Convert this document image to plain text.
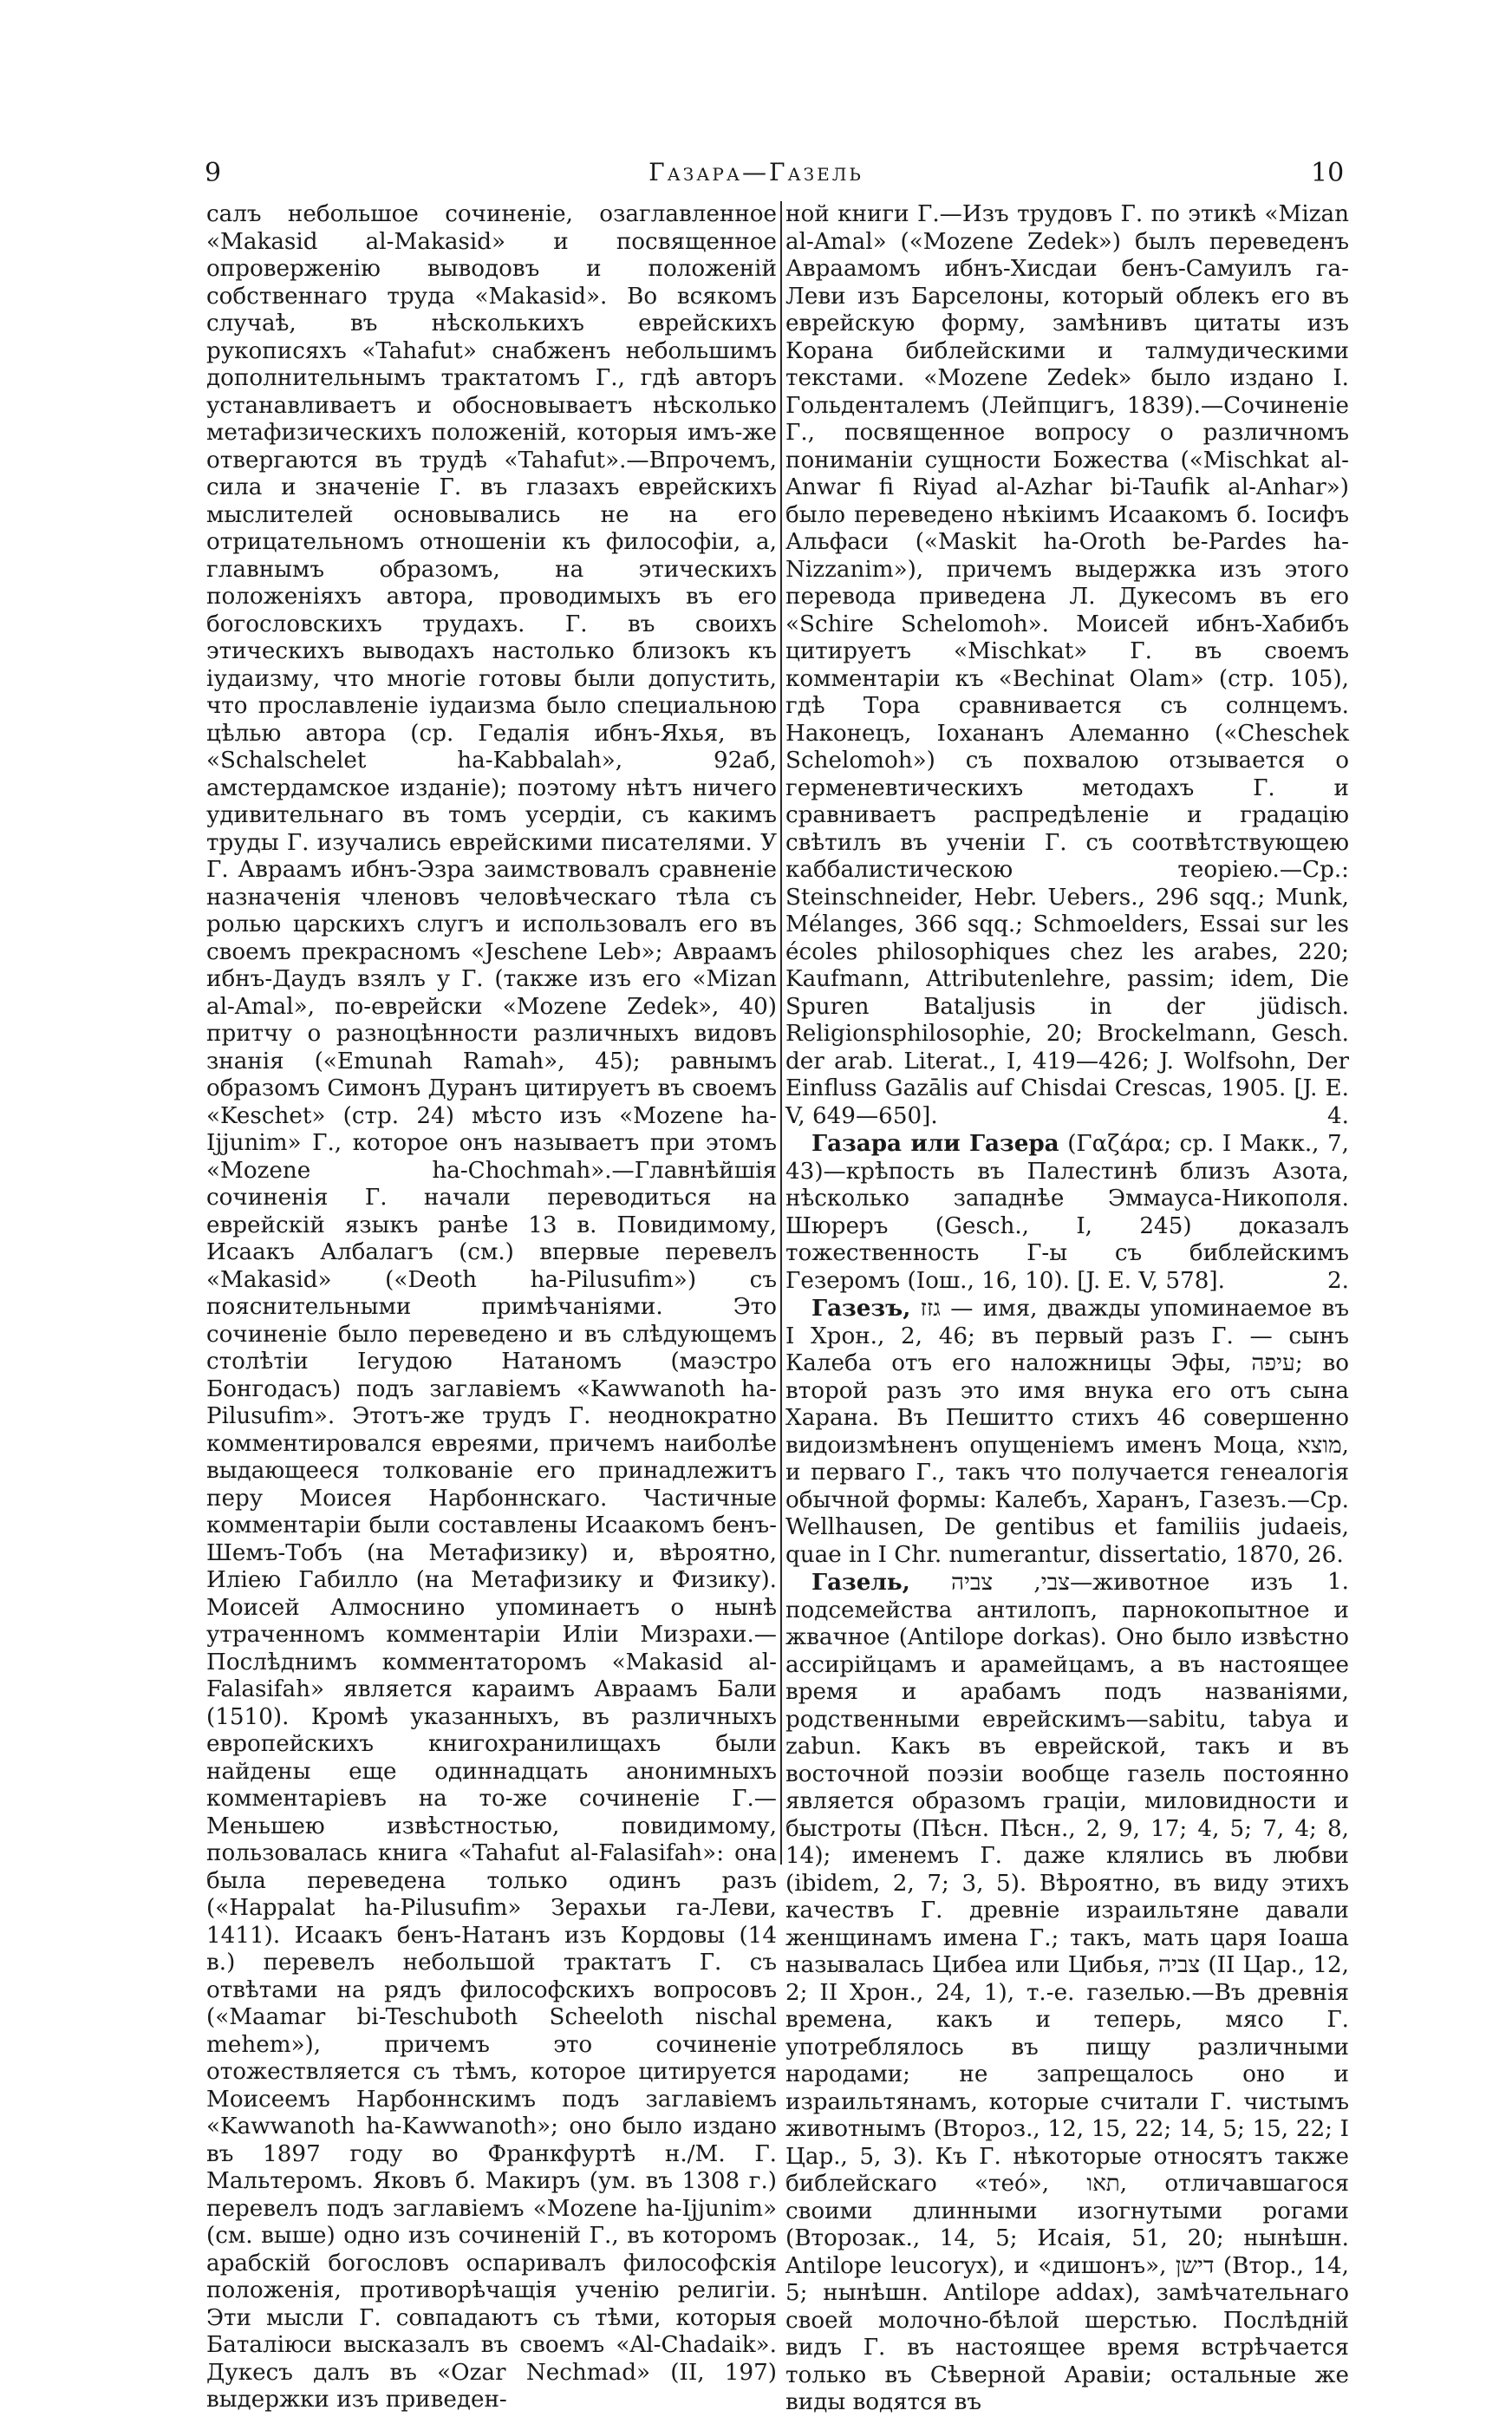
9	Газара—Газель	10

салъ небольшое сочиненіе, озаглавленное «Makasid al-Makasid» и посвященное опроверженію выводовъ и положеній собственнаго труда «Makasid». Во всякомъ случаѣ, въ нѣсколькихъ еврейскихъ рукописяхъ «Tahafut» снабженъ небольшимъ дополнительнымъ трактатомъ Г., гдѣ авторъ устанавливаетъ и обосновываетъ нѣсколько метафизическихъ положеній, которыя имъ-же отвергаются въ трудѣ «Tahafut».—Впрочемъ, сила и значеніе Г. въ глазахъ еврейскихъ мыслителей основывались не на его отрицательномъ отношеніи къ философіи, а, главнымъ образомъ, на этическихъ положеніяхъ автора, проводимыхъ въ его богословскихъ трудахъ. Г. въ своихъ этическихъ выводахъ настолько близокъ къ іудаизму, что многіе готовы были допустить, что прославленіе іудаизма было специальною цѣлью автора (ср. Гедалія ибнъ-Яхья, въ «Schalschelet ha-Kabbalah», 92аб, амстердамское изданіе); поэтому нѣтъ ничего удивительнаго въ томъ усердіи, съ какимъ труды Г. изучались еврейскими писателями. У Г. Авраамъ ибнъ-Эзра заимствовалъ сравненіе назначенія членовъ человѣческаго тѣла съ ролью царскихъ слугъ и использовалъ его въ своемъ прекрасномъ «Jeschene Leb»; Авраамъ ибнъ-Даудъ взялъ у Г. (также изъ его «Mizan al-Amal», по-еврейски «Mozene Zedek», 40) притчу о разноцѣнности различныхъ видовъ знанія («Emunah Ramah», 45); равнымъ образомъ Симонъ Дуранъ цитируетъ въ своемъ «Keschet» (стр. 24) мѣсто изъ «Mozene ha-Ijjunim» Г., которое онъ называетъ при этомъ «Mozene ha-Chochmah».—Главнѣйшія сочиненія Г. начали переводиться на еврейскій языкъ ранѣе 13 в. Повидимому, Исаакъ Албалагъ (см.) впервые перевелъ «Makasid» («Deoth ha-Pilusufim») съ пояснительными примѣчаніями. Это сочиненіе было переведено и въ слѣдующемъ столѣтіи Іегудою Натаномъ (маэстро Бонгодасъ) подъ заглавіемъ «Kawwanoth ha-Pilusufim». Этотъ-же трудъ Г. неоднократно комментировался евреями, причемъ наиболѣе выдающееся толкованіе его принадлежитъ перу Моисея Нарбоннскаго. Частичные комментаріи были составлены Исаакомъ бенъ-Шемъ-Тобъ (на Метафизику) и, вѣроятно, Иліею Габилло (на Метафизику и Физику). Моисей Алмоснино упоминаетъ о нынѣ утраченномъ комментаріи Иліи Мизрахи.—Послѣднимъ комментаторомъ «Makasid al-Falasifah» является караимъ Авраамъ Бали (1510). Кромѣ указанныхъ, въ различныхъ европейскихъ книгохранилищахъ были найдены еще одиннадцать анонимныхъ комментаріевъ на то-же сочиненіе Г.—Меньшею извѣстностью, повидимому, пользовалась книга «Tahafut al-Falasifah»: она была переведена только одинъ разъ («Happalat ha-Pilusufim» Зерахьи га-Леви, 1411). Исаакъ бенъ-Натанъ изъ Кордовы (14 в.) перевелъ небольшой трактатъ Г. съ отвѣтами на рядъ философскихъ вопросовъ («Maamar bi-Teschuboth Scheeloth nischal mehem»), причемъ это сочиненіе отожествляется съ тѣмъ, которое цитируется Моисеемъ Нарбоннскимъ подъ заглавіемъ «Kawwanoth ha-Kawwanoth»; оно было издано въ 1897 году во Франкфуртѣ н./М. Г. Мальтеромъ. Яковъ б. Макиръ (ум. въ 1308 г.) перевелъ подъ заглавіемъ «Mozene ha-Ijjunim» (см. выше) одно изъ сочиненій Г., въ которомъ арабскій богословъ оспаривалъ философскія положенія, противорѣчащія ученію религіи. Эти мысли Г. совпадаютъ съ тѣми, которыя Баталіюси высказалъ въ своемъ «Al-Chadaik». Дукесъ далъ въ «Ozar Nechmad» (II, 197) выдержки изъ приведен-

ной книги Г.—Изъ трудовъ Г. по этикѣ «Mizan al-Amal» («Mozene Zedek») былъ переведенъ Авраамомъ ибнъ-Хисдаи бенъ-Самуилъ га-Леви изъ Барселоны, который облекъ его въ еврейскую форму, замѣнивъ цитаты изъ Корана библейскими и талмудическими текстами. «Mozene Zedek» было издано I. Гольденталемъ (Лейпцигъ, 1839).—Сочиненіе Г., посвященное вопросу о различномъ пониманіи сущности Божества («Mischkat al-Anwar fi Riyad al-Azhar bi-Taufik al-Anhar») было переведено нѣкіимъ Исаакомъ б. Іосифъ Альфаси («Maskit ha-Oroth be-Pardes ha-Nizzanim»), причемъ выдержка изъ этого перевода приведена Л. Дукесомъ въ его «Schire Schelomoh». Моисей ибнъ-Хабибъ цитируетъ «Mischkat» Г. въ своемъ комментаріи къ «Bechinat Olam» (стр. 105), гдѣ Тора сравнивается съ солнцемъ. Наконецъ, Іохананъ Алеманно («Cheschek Schelomoh») съ похвалою отзывается о герменевтическихъ методахъ Г. и сравниваетъ распредѣленіе и градацію свѣтилъ въ ученіи Г. съ соотвѣтствующею каббалистическою теоріею.—Ср.: Steinschneider, Hebr. Uebers., 296 sqq.; Munk, Mélanges, 366 sqq.; Schmoelders, Essai sur les écoles philosophiques chez les arabes, 220; Kaufmann, Attributenlehre, passim; idem, Die Spuren Bataljusis in der jüdisch. Religionsphilosophie, 20; Brockelmann, Gesch. der arab. Literat., I, 419—426; J. Wolfsohn, Der Einfluss Gazālis auf Chisdai Crescas, 1905. [J. E. V, 649—650].	4.

Газара или Газера (Γαζάρα; ср. I Макк., 7, 43)—крѣпость въ Палестинѣ близъ Азота, нѣсколько западнѣе Эммауса-Никополя. Шюреръ (Gesch., I, 245) доказалъ тожественность Г-ы съ библейскимъ Гезеромъ (Іош., 16, 10). [J. E. V, 578].	2.

Газезъ, גזז — имя, дважды упоминаемое въ I Хрон., 2, 46; въ первый разъ Г. — сынъ Калеба отъ его наложницы Эфы, עיפה; во второй разъ это имя внука его отъ сына Харана. Въ Пешитто стихъ 46 совершенно видоизмѣненъ опущеніемъ именъ Моца, מוצא, и перваго Г., такъ что получается генеалогія обычной формы: Калебъ, Харанъ, Газезъ.—Ср. Wellhausen, De gentibus et familiis judaeis, quae in I Chr. numerantur, dissertatio, 1870, 26.
1.

Газель, צבי, צביה—животное изъ подсемейства антилопъ, парнокопытное и жвачное (Antilope dorkas). Оно было извѣстно ассирійцамъ и арамейцамъ, а въ настоящее время и арабамъ подъ названіями, родственными еврейскимъ—sabitu, tabya и zabun. Какъ въ еврейской, такъ и въ восточной поэзіи вообще газель постоянно является образомъ граціи, миловидности и быстроты (Пѣсн. Пѣсн., 2, 9, 17; 4, 5; 7, 4; 8, 14); именемъ Г. даже клялись въ любви (ibidem, 2, 7; 3, 5). Вѣроятно, въ виду этихъ качествъ Г. древніе израильтяне давали женщинамъ имена Г.; такъ, мать царя Іоаша называлась Цибеа или Цибья, צביה (II Цар., 12, 2; II Хрон., 24, 1), т.-е. газелью.—Въ древнія времена, какъ и теперь, мясо Г. употреблялось въ пищу различными народами; не запрещалось оно и израильтянамъ, которые считали Г. чистымъ животнымъ (Второз., 12, 15, 22; 14, 5; 15, 22; I Цар., 5, 3). Къ Г. нѣкоторые относятъ также библейскаго «теó», תאו, отличавшагося своими длинными изогнутыми рогами (Второзак., 14, 5; Исаія, 51, 20; нынѣшн. Antilope leucoryx), и «дишонъ», דישן (Втор., 14, 5; нынѣшн. Antilope addax), замѣчательнаго своей молочно-бѣлой шерстью. Послѣдній видъ Г. въ настоящее время встрѣчается только въ Сѣверной Аравіи; остальные же виды водятся въ
